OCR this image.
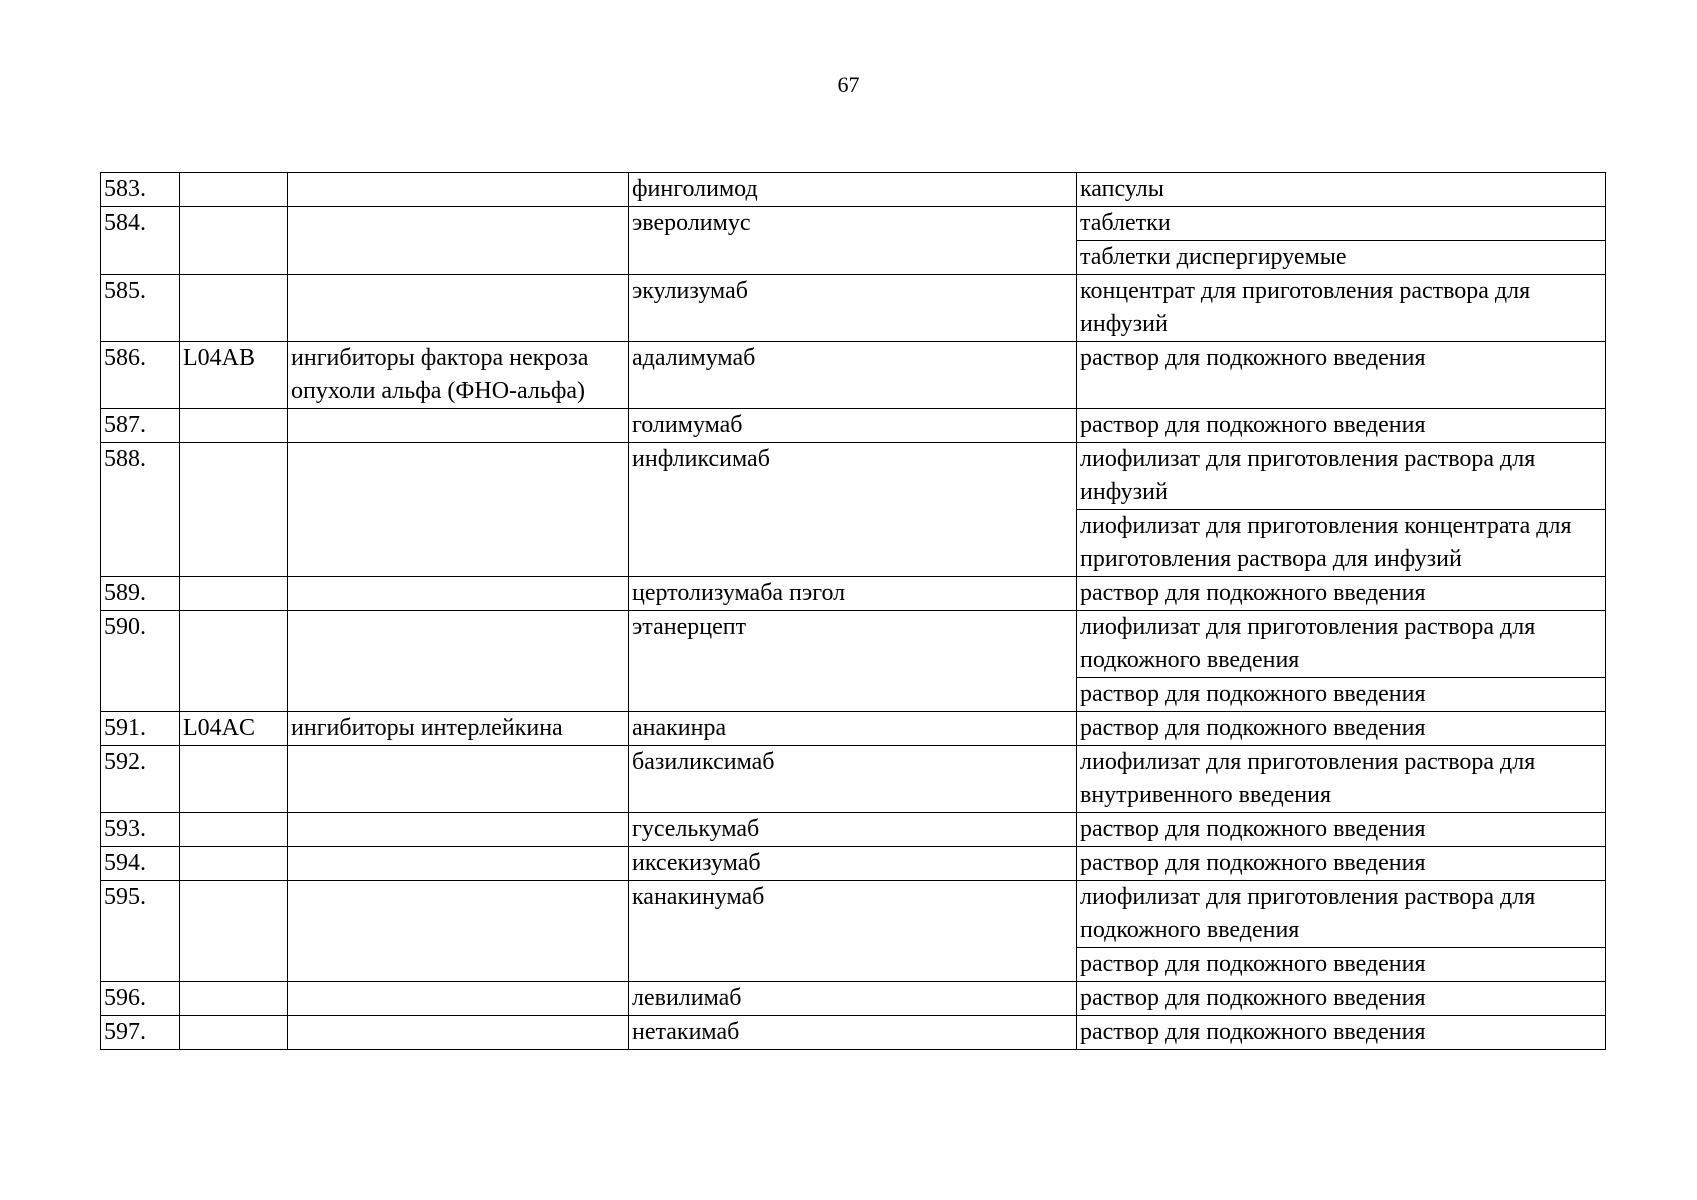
67
583.			финголимод	капсулы
584.			эверолимус	таблетки
				таблетки диспергируемые
585.			экулизумаб	концентрат для приготовления раствора для инфузий
586.	L04AB	ингибиторы фактора некроза опухоли альфа (ФНО-альфа)	адалимумаб	раствор для подкожного введения
587.			голимумаб	раствор для подкожного введения
588.			инфликсимаб	лиофилизат для приготовления раствора для инфузий
				лиофилизат для приготовления концентрата для приготовления раствора для инфузий
589.			цертолизумаба пэгол	раствор для подкожного введения
590.			этанерцепт	лиофилизат для приготовления раствора для подкожного введения
				раствор для подкожного введения
591.	L04AC	ингибиторы интерлейкина	анакинра	раствор для подкожного введения
592.			базиликсимаб	лиофилизат для приготовления раствора для внутривенного введения
593.			гуселькумаб	раствор для подкожного введения
594.			иксекизумаб	раствор для подкожного введения
595.			канакинумаб	лиофилизат для приготовления раствора для подкожного введения
				раствор для подкожного введения
596.			левилимаб	раствор для подкожного введения
597.			нетакимаб	раствор для подкожного введения
